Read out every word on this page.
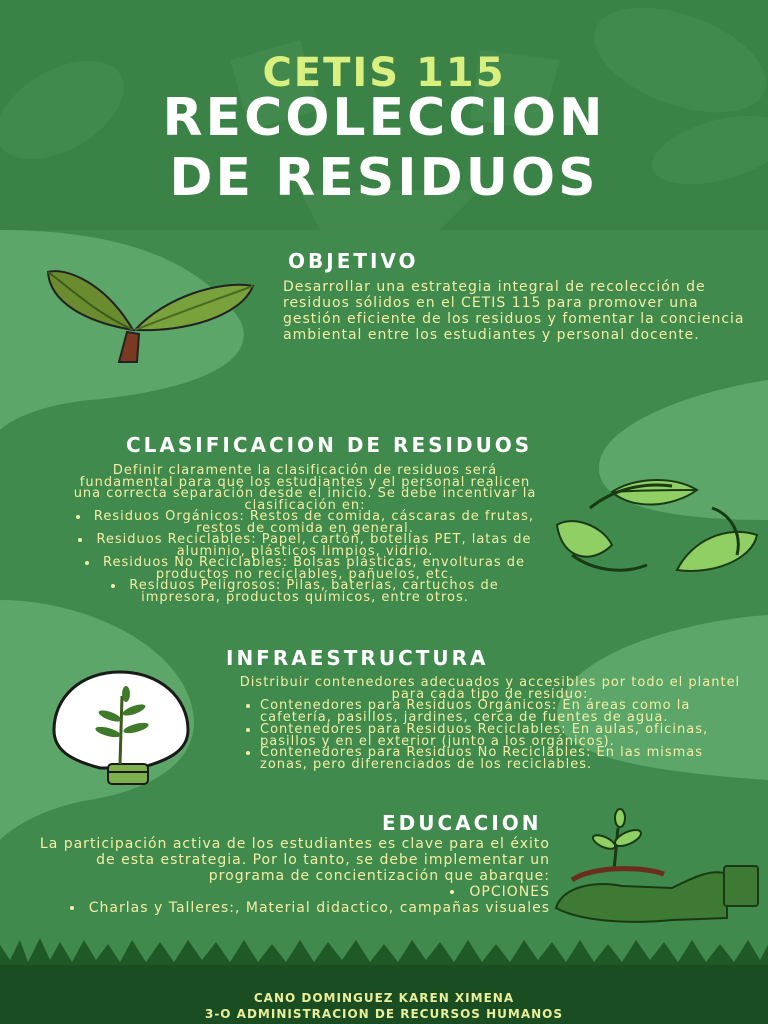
CETIS 115
RECOLECCION
DE RESIDUOS
OBJETIVO
Desarrollar una estrategia integral de recolección de residuos sólidos en el CETIS 115 para promover una gestión eficiente de los residuos y fomentar la conciencia ambiental entre los estudiantes y personal docente.
CLASIFICACION DE RESIDUOS
Definir claramente la clasificación de residuos será fundamental para que los estudiantes y el personal realicen una correcta separación desde el inicio. Se debe incentivar la clasificación en:
• Residuos Orgánicos: Restos de comida, cáscaras de frutas, restos de comida en general.
• Residuos Reciclables: Papel, cartón, botellas PET, latas de aluminio, plásticos limpios, vidrio.
• Residuos No Reciclables: Bolsas plásticas, envolturas de productos no reciclables, pañuelos, etc.
• Residuos Peligrosos: Pilas, baterías, cartuchos de impresora, productos químicos, entre otros.
INFRAESTRUCTURA
Distribuir contenedores adecuados y accesibles por todo el plantel para cada tipo de residuo:
• Contenedores para Residuos Orgánicos: En áreas como la cafetería, pasillos, jardines, cerca de fuentes de agua.
• Contenedores para Residuos Reciclables: En aulas, oficinas, pasillos y en el exterior (junto a los orgánicos).
• Contenedores para Residuos No Reciclables: En las mismas zonas, pero diferenciados de los reciclables.
EDUCACION
La participación activa de los estudiantes es clave para el éxito de esta estrategia. Por lo tanto, se debe implementar un programa de concientización que abarque:
• OPCIONES
• Charlas y Talleres:, Material didactico, campañas visuales
CANO DOMINGUEZ KAREN XIMENA
3-O ADMINISTRACION DE RECURSOS HUMANOS
